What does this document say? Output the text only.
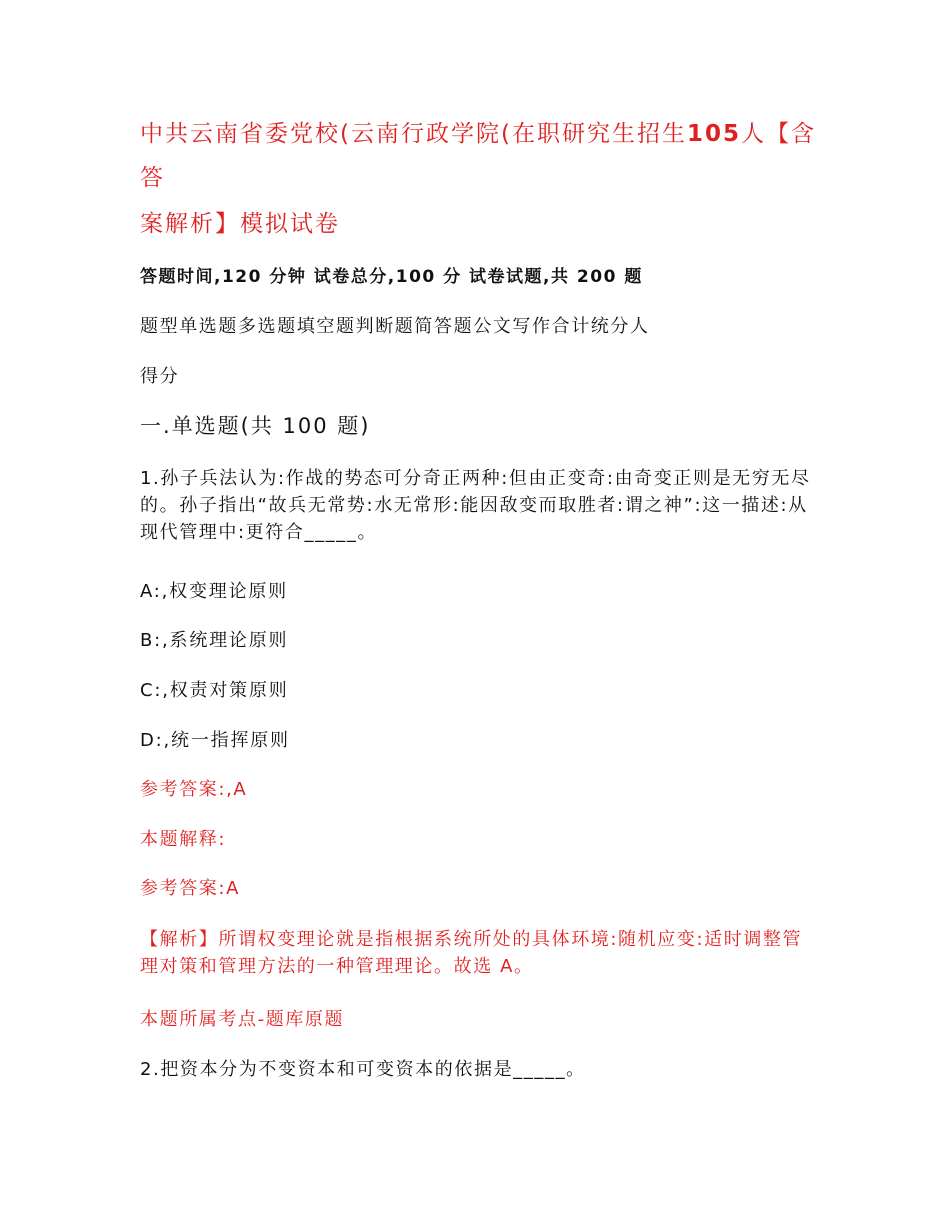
中共云南省委党校(云南行政学院(在职研究生招生105人【含答
案解析】模拟试卷

答题时间,120 分钟 试卷总分,100 分 试卷试题,共 200 题

题型单选题多选题填空题判断题简答题公文写作合计统分人

得分

一.单选题(共 100 题)

1.孙子兵法认为:作战的势态可分奇正两种:但由正变奇:由奇变正则是无穷无尽的。孙子指出“故兵无常势:水无常形:能因敌变而取胜者:谓之神”:这一描述:从现代管理中:更符合_____。

A:,权变理论原则

B:,系统理论原则

C:,权责对策原则

D:,统一指挥原则

参考答案:,A

本题解释:

参考答案:A

【解析】所谓权变理论就是指根据系统所处的具体环境:随机应变:适时调整管理对策和管理方法的一种管理理论。故选 A。

本题所属考点-题库原题

2.把资本分为不变资本和可变资本的依据是_____。
